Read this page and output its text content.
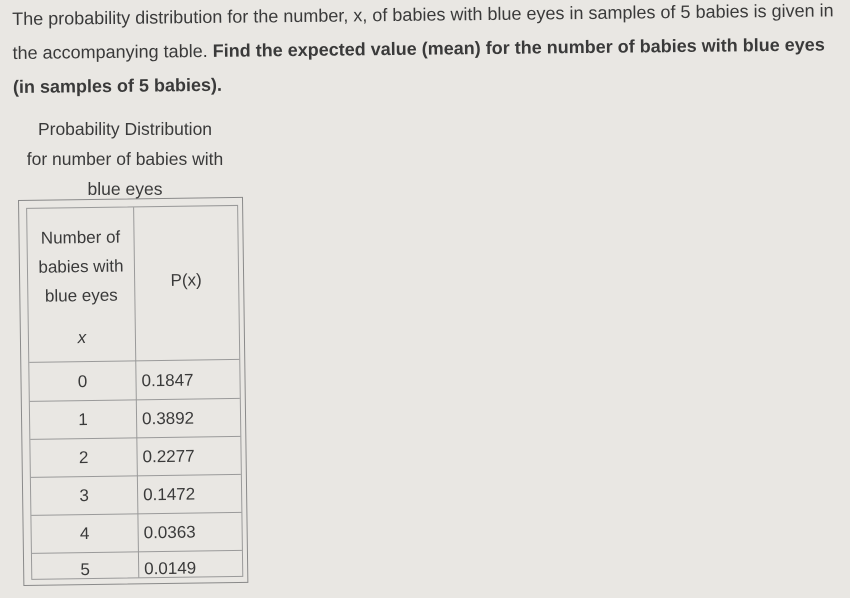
The probability distribution for the number, x, of babies with blue eyes in samples of 5 babies is given in the accompanying table. Find the expected value (mean) for the number of babies with blue eyes (in samples of 5 babies).
Probability Distribution
for number of babies with
blue eyes
Number of
babies with
blue eyes
x
P(x)
0	0.1847
1	0.3892
2	0.2277
3	0.1472
4	0.0363
5	0.0149
